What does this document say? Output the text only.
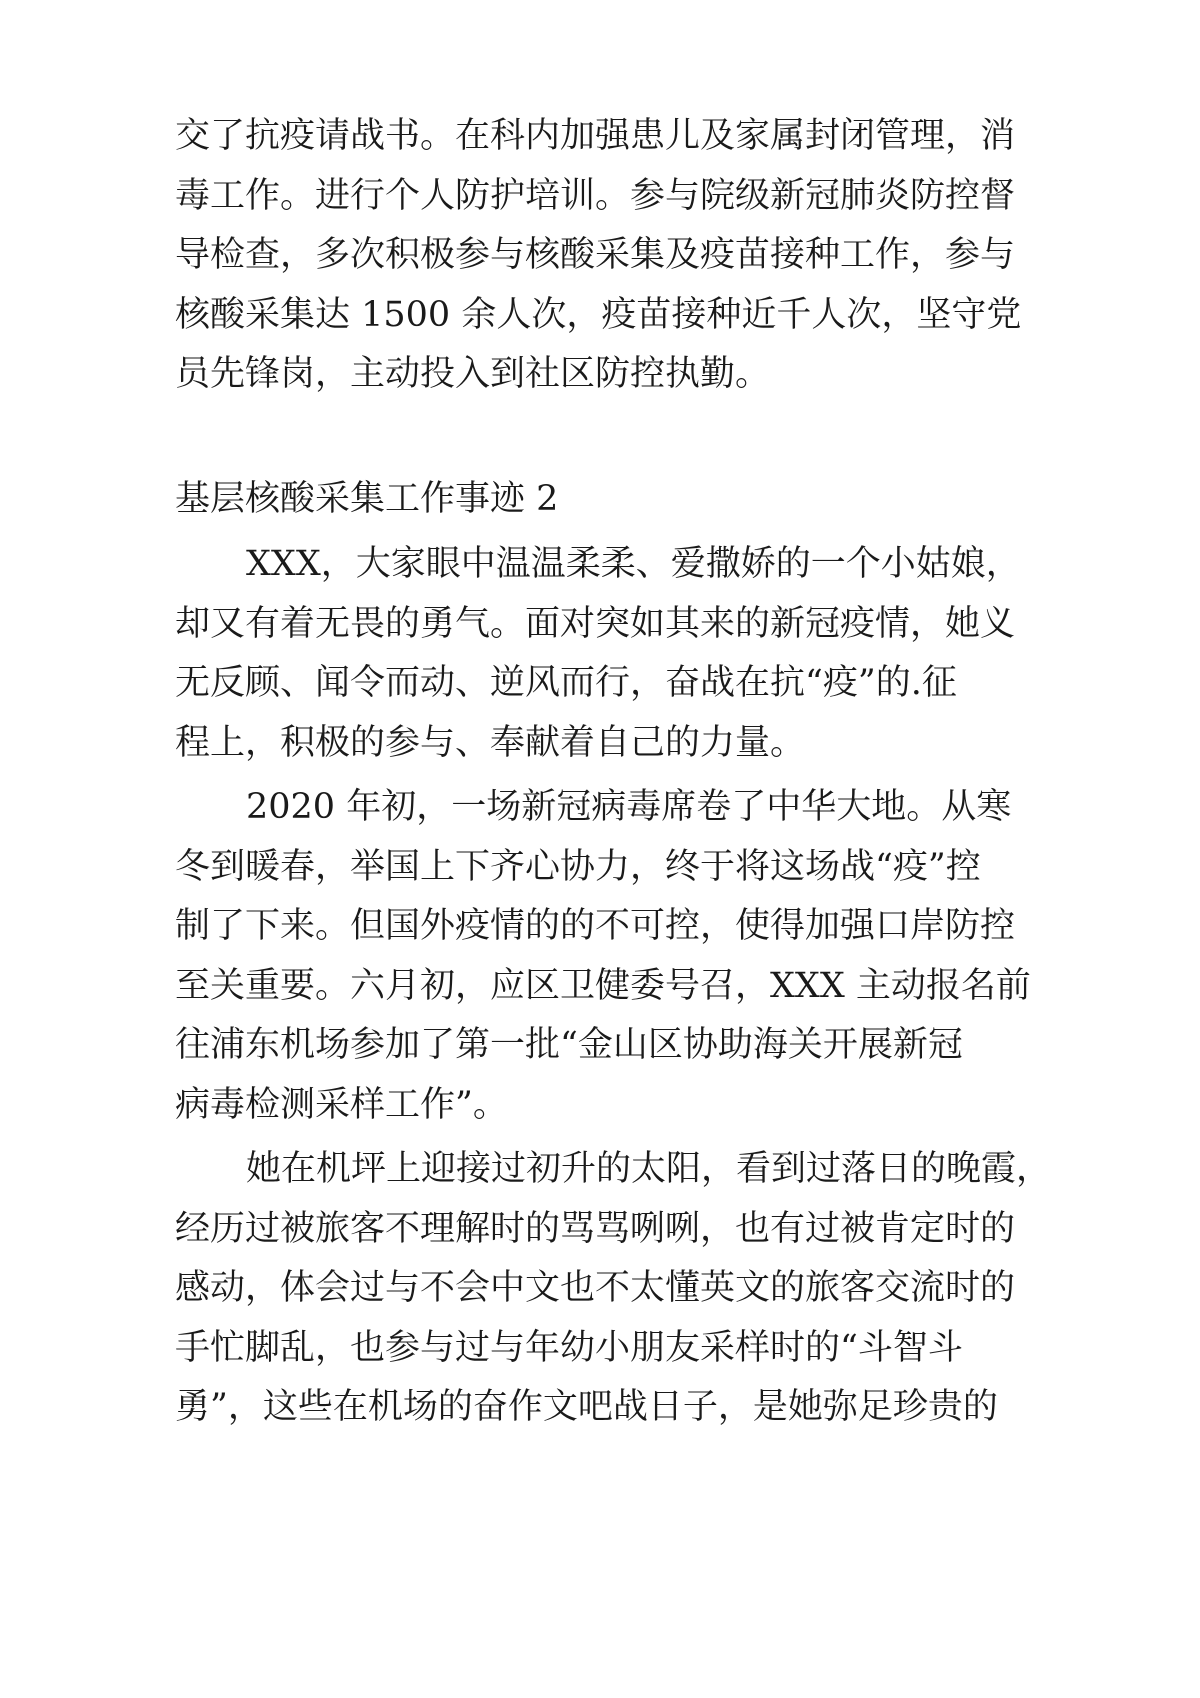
交了抗疫请战书。在科内加强患儿及家属封闭管理，消
毒工作。进行个人防护培训。参与院级新冠肺炎防控督
导检查，多次积极参与核酸采集及疫苗接种工作，参与
核酸采集达 1500 余人次，疫苗接种近千人次，坚守党
员先锋岗，主动投入到社区防控执勤。
基层核酸采集工作事迹 2
XXX，大家眼中温温柔柔、爱撒娇的一个小姑娘，
却又有着无畏的勇气。面对突如其来的新冠疫情，她义
无反顾、闻令而动、逆风而行，奋战在抗“疫”的.征
程上，积极的参与、奉献着自己的力量。
2020 年初，一场新冠病毒席卷了中华大地。从寒
冬到暖春，举国上下齐心协力，终于将这场战“疫”控
制了下来。但国外疫情的的不可控，使得加强口岸防控
至关重要。六月初，应区卫健委号召，XXX 主动报名前
往浦东机场参加了第一批“金山区协助海关开展新冠
病毒检测采样工作”。
她在机坪上迎接过初升的太阳，看到过落日的晚霞，
经历过被旅客不理解时的骂骂咧咧，也有过被肯定时的
感动，体会过与不会中文也不太懂英文的旅客交流时的
手忙脚乱，也参与过与年幼小朋友采样时的“斗智斗
勇”，这些在机场的奋作文吧战日子，是她弥足珍贵的
